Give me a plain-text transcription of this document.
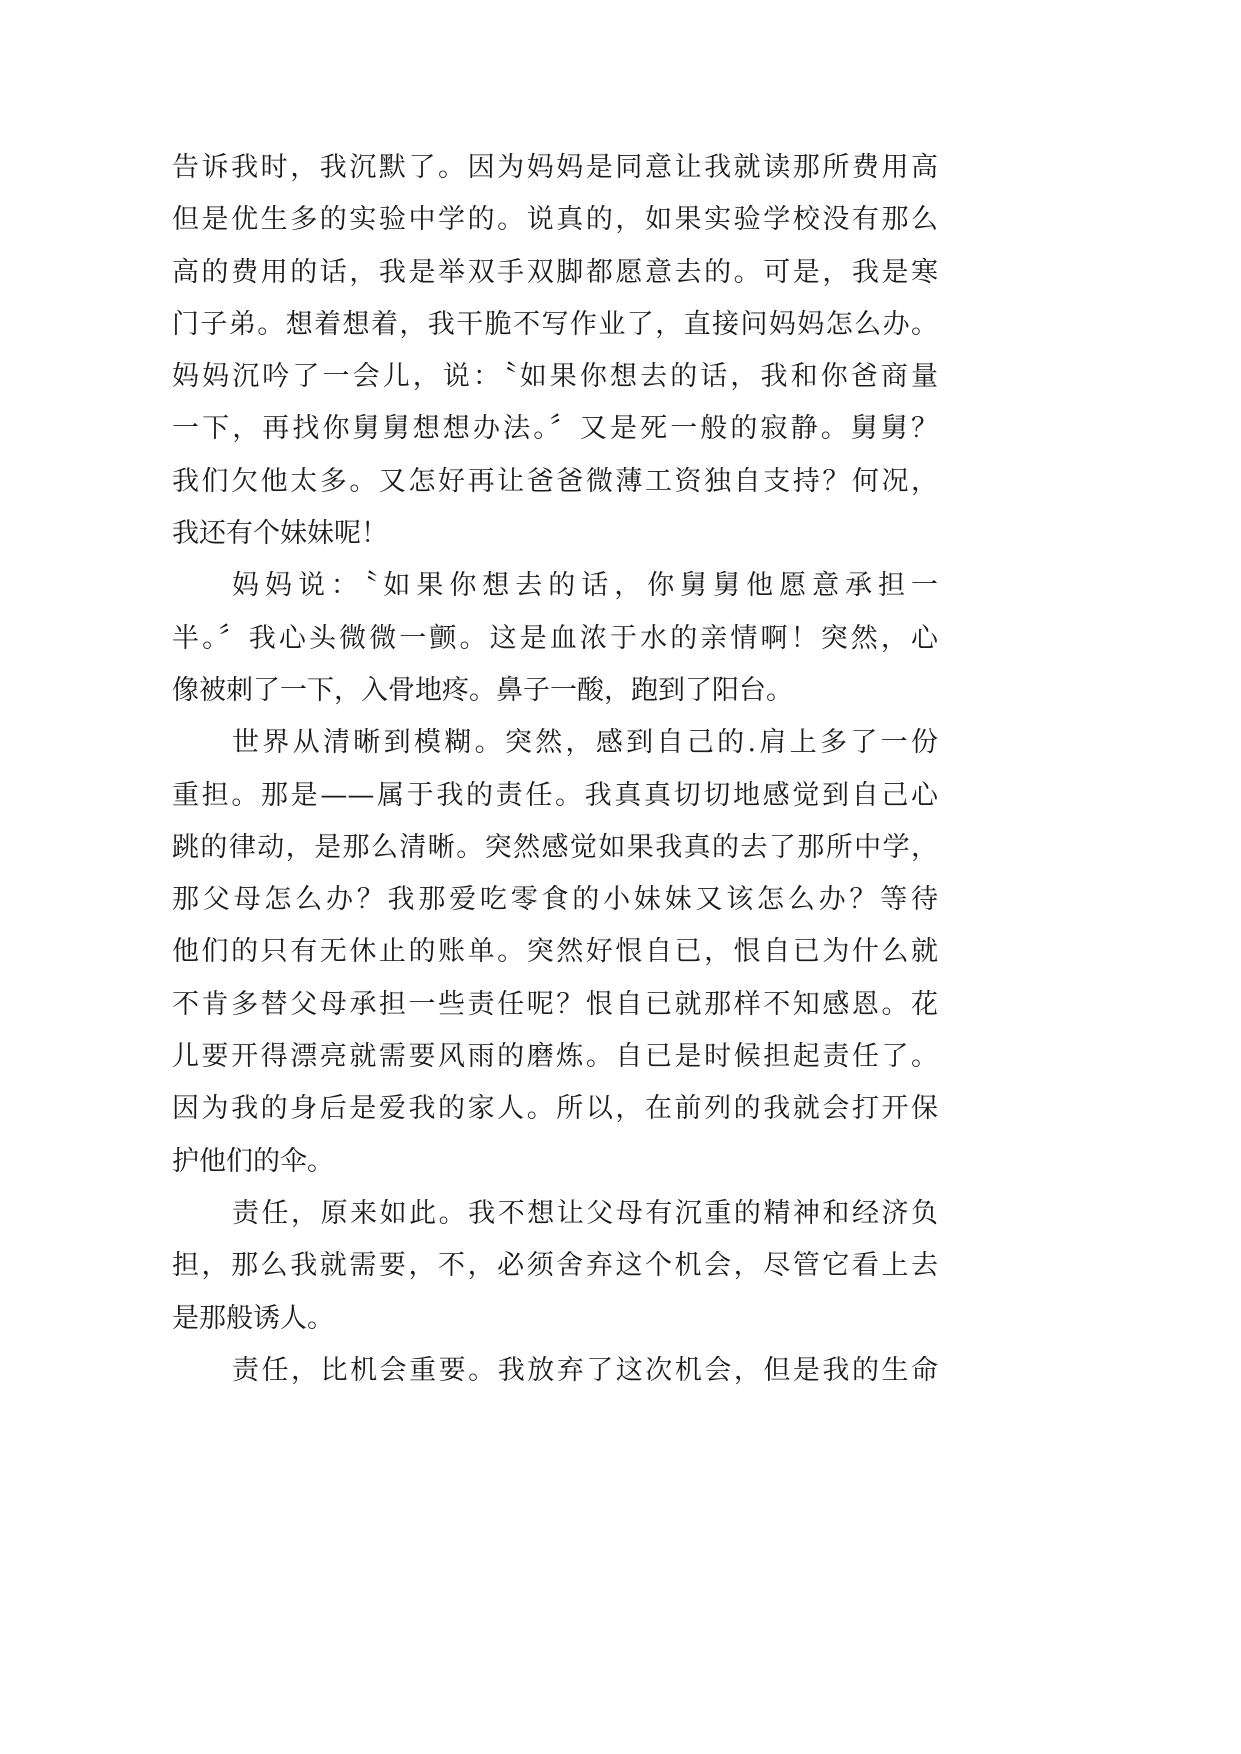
告诉我时，我沉默了。因为妈妈是同意让我就读那所费用高
但是优生多的实验中学的。说真的，如果实验学校没有那么
高的费用的话，我是举双手双脚都愿意去的。可是，我是寒
门子弟。想着想着，我干脆不写作业了，直接问妈妈怎么办。
妈妈沉吟了一会儿，说：〝如果你想去的话，我和你爸商量
一下，再找你舅舅想想办法。〞又是死一般的寂静。舅舅？
我们欠他太多。又怎好再让爸爸微薄工资独自支持？何况，
我还有个妹妹呢！
妈妈说：〝如果你想去的话，你舅舅他愿意承担一
半。〞我心头微微一颤。这是血浓于水的亲情啊！突然，心
像被刺了一下，入骨地疼。鼻子一酸，跑到了阳台。
世界从清晰到模糊。突然，感到自己的.肩上多了一份
重担。那是——属于我的责任。我真真切切地感觉到自己心
跳的律动，是那么清晰。突然感觉如果我真的去了那所中学，
那父母怎么办？我那爱吃零食的小妹妹又该怎么办？等待
他们的只有无休止的账单。突然好恨自已，恨自已为什么就
不肯多替父母承担一些责任呢？恨自已就那样不知感恩。花
儿要开得漂亮就需要风雨的磨炼。自已是时候担起责任了。
因为我的身后是爱我的家人。所以，在前列的我就会打开保
护他们的伞。
责任，原来如此。我不想让父母有沉重的精神和经济负
担，那么我就需要，不，必须舍弃这个机会，尽管它看上去
是那般诱人。
责任，比机会重要。我放弃了这次机会，但是我的生命
